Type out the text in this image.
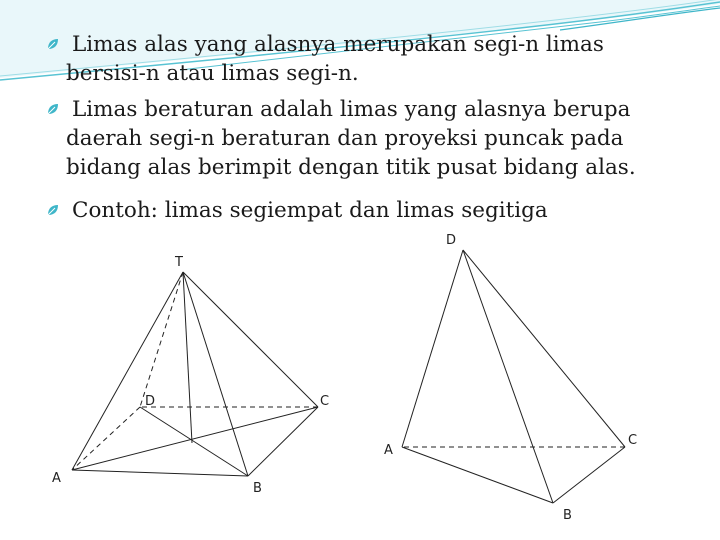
Limas alas yang alasnya merupakan segi-n limas
bersisi-n atau limas segi-n.
Limas beraturan adalah limas yang alasnya berupa
daerah segi-n beraturan dan proyeksi puncak pada
bidang alas berimpit dengan titik pusat bidang alas.
Contoh: limas segiempat dan limas segitiga
T
A
B
C
D
D
A
B
C
